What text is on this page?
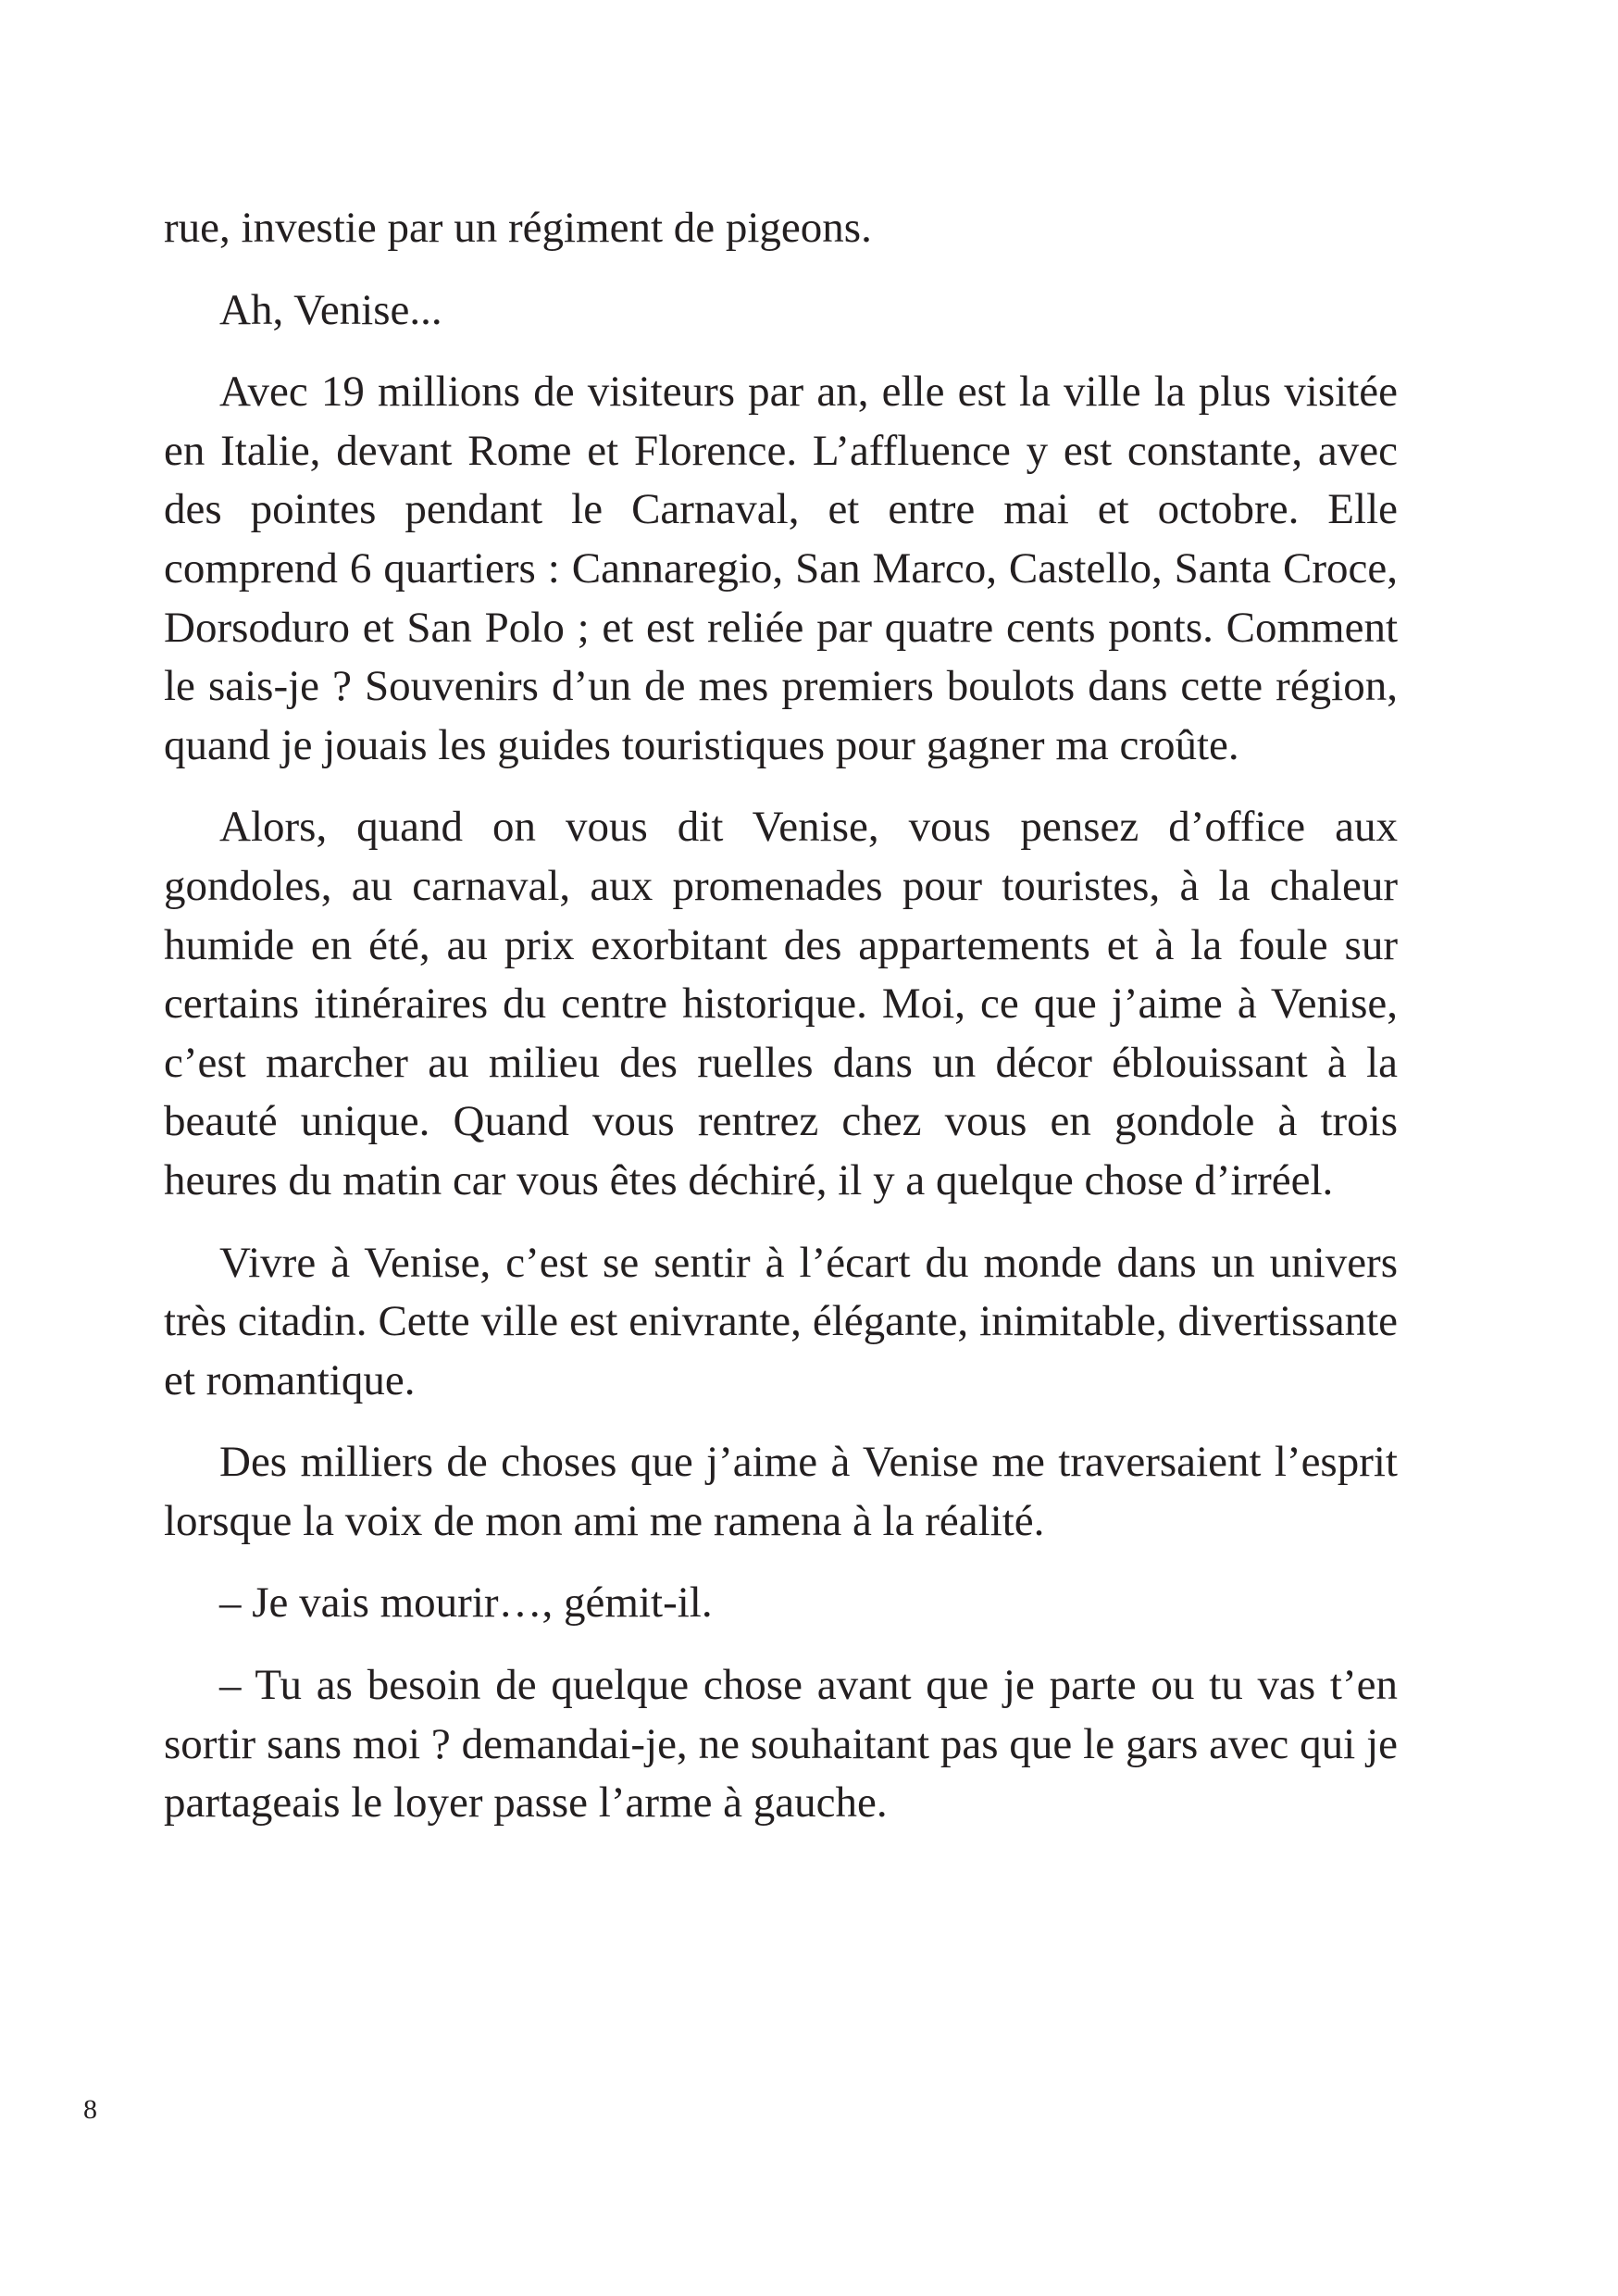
rue, investie par un régiment de pigeons.

Ah, Venise...

Avec 19 millions de visiteurs par an, elle est la ville la plus visitée en Italie, devant Rome et Florence. L’affluence y est constante, avec des pointes pendant le Carnaval, et entre mai et octobre. Elle comprend 6 quartiers : Cannaregio, San Marco, Castello, Santa Croce, Dorsoduro et San Polo ; et est reliée par quatre cents ponts. Comment le sais-je ? Souvenirs d’un de mes premiers boulots dans cette région, quand je jouais les guides touristiques pour gagner ma croûte.

Alors, quand on vous dit Venise, vous pensez d’office aux gondoles, au carnaval, aux promenades pour touristes, à la chaleur humide en été, au prix exorbitant des appartements et à la foule sur certains itinéraires du centre historique. Moi, ce que j’aime à Venise, c’est marcher au milieu des ruelles dans un décor éblouissant à la beauté unique. Quand vous rentrez chez vous en gondole à trois heures du matin car vous êtes déchiré, il y a quelque chose d’irréel.

Vivre à Venise, c’est se sentir à l’écart du monde dans un univers très citadin. Cette ville est enivrante, élégante, inimitable, divertissante et romantique.

Des milliers de choses que j’aime à Venise me traversaient l’esprit lorsque la voix de mon ami me ramena à la réalité.

– Je vais mourir…, gémit-il.

– Tu as besoin de quelque chose avant que je parte ou tu vas t’en sortir sans moi ? demandai-je, ne souhaitant pas que le gars avec qui je partageais le loyer passe l’arme à gauche.

8
